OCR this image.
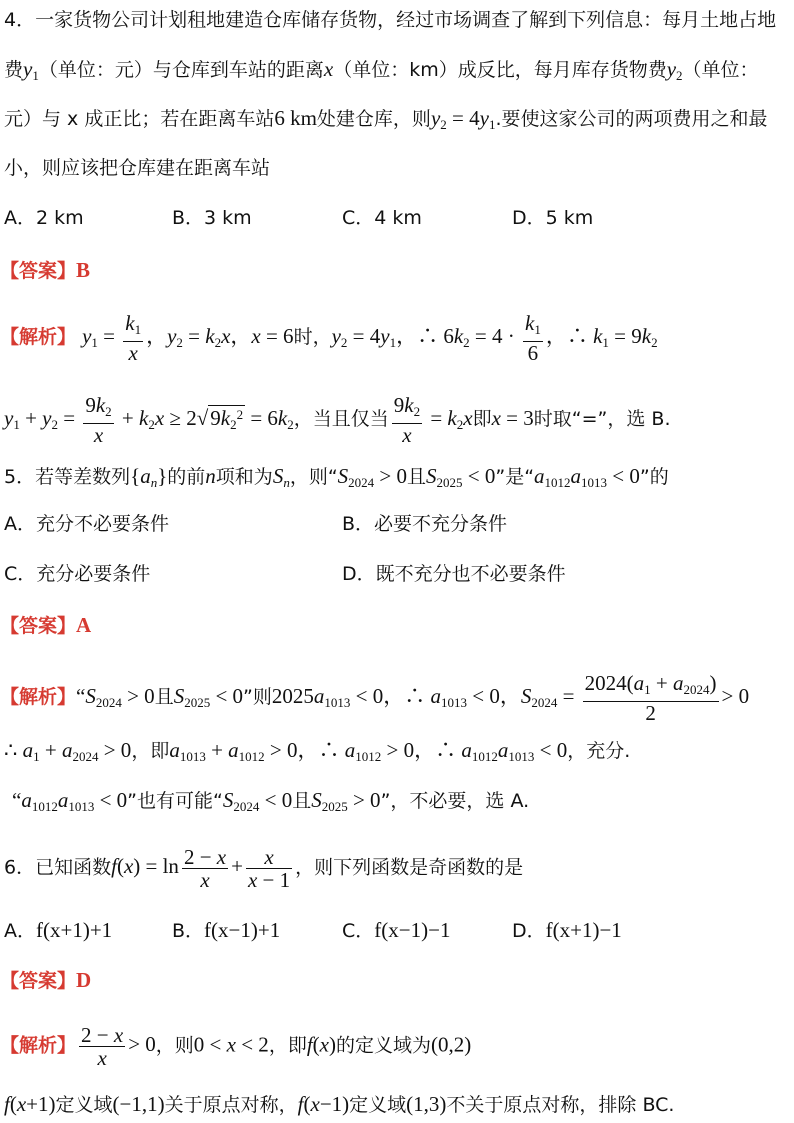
4．一家货物公司计划租地建造仓库储存货物，经过市场调查了解到下列信息：每月土地占地
费$y_1$（单位：元）与仓库到车站的距离x（单位：km）成反比，每月库存货物费$y_2$（单位：
元）与 x 成正比；若在距离车站6 km处建仓库，则$y_2 = 4y_1$.要使这家公司的两项费用之和最
小，则应该把仓库建在距离车站
A．2 km	B．3 km	C．4 km	D．5 km
【答案】B
【解析】 $y_1 = \frac{k_1}{x}$ ，$y_2 = k_2x$，x = 6时，$y_2 = 4y_1$，∴ $6k_2 = 4 \cdot \frac{k_1}{6}$ ，∴ $k_1 = 9k_2$
$y_1 + y_2 = \frac{9k_2}{x} + k_2x \ge 2√9k_2^2 = 6k_2$，当且仅当 $\frac{9k_2}{x} = k_2x$即x = 3时取“=”，选 B.
5．若等差数列$\{a_n\}$的前n项和为$S_n$，则“$S_{2024} > 0$且$S_{2025} < 0$”是“$a_{1012}a_{1013} < 0$”的
A．充分不必要条件	B．必要不充分条件
C．充分必要条件	D．既不充分也不必要条件
【答案】A
【解析】“$S_{2024} > 0$且$S_{2025} < 0$”则$2025a_{1013} < 0$，∴ $a_{1013} < 0$，$S_{2024} = \frac{2024(a_1 + a_{2024})}{2} > 0$
∴ $a_1 + a_{2024} > 0$，即$a_{1013} + a_{1012} > 0$，∴ $a_{1012} > 0$，∴ $a_{1012}a_{1013} < 0$，充分.
“$a_{1012}a_{1013} < 0$”也有可能“$S_{2024} < 0$且$S_{2025} > 0$”，不必要，选 A.
6．已知函数$f(x) = \ln \frac{2 - x}{x} + \frac{x}{x - 1}$ ，则下列函数是奇函数的是
A．f(x+1)+1	B．f(x−1)+1	C．f(x−1)−1	D．f(x+1)−1
【答案】D
【解析】 $\frac{2 - x}{x} > 0$，则0 < x < 2，即f(x)的定义域为(0,2)
f(x+1)定义域(−1,1)关于原点对称，f(x−1)定义域(1,3)不关于原点对称，排除 BC.
